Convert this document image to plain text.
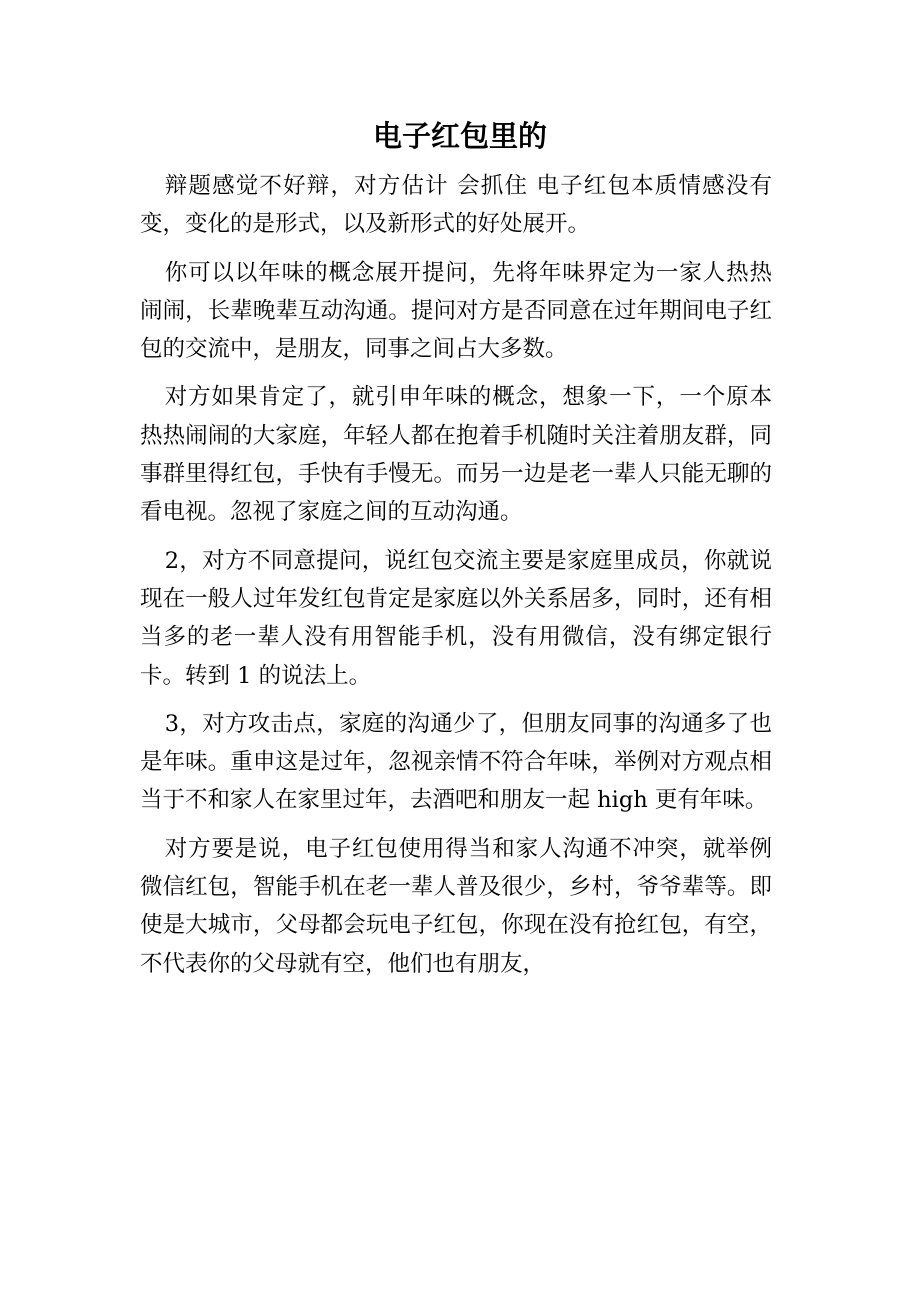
电子红包里的

辩题感觉不好辩，对方估计 会抓住 电子红包本质情感没有变，变化的是形式，以及新形式的好处展开。

你可以以年味的概念展开提问，先将年味界定为一家人热热闹闹，长辈晚辈互动沟通。提问对方是否同意在过年期间电子红包的交流中，是朋友，同事之间占大多数。

对方如果肯定了，就引申年味的概念，想象一下，一个原本热热闹闹的大家庭，年轻人都在抱着手机随时关注着朋友群，同事群里得红包，手快有手慢无。而另一边是老一辈人只能无聊的看电视。忽视了家庭之间的互动沟通。

2，对方不同意提问，说红包交流主要是家庭里成员，你就说 现在一般人过年发红包肯定是家庭以外关系居多，同时，还有相当多的老一辈人没有用智能手机，没有用微信，没有绑定银行卡。转到 1 的说法上。

3，对方攻击点，家庭的沟通少了，但朋友同事的沟通多了也是年味。重申这是过年，忽视亲情不符合年味，举例对方观点相当于不和家人在家里过年，去酒吧和朋友一起 high 更有年味。

对方要是说，电子红包使用得当和家人沟通不冲突，就举例微信红包，智能手机在老一辈人普及很少，乡村，爷爷辈等。即使是大城市，父母都会玩电子红包，你现在没有抢红包，有空，不代表你的父母就有空，他们也有朋友，
